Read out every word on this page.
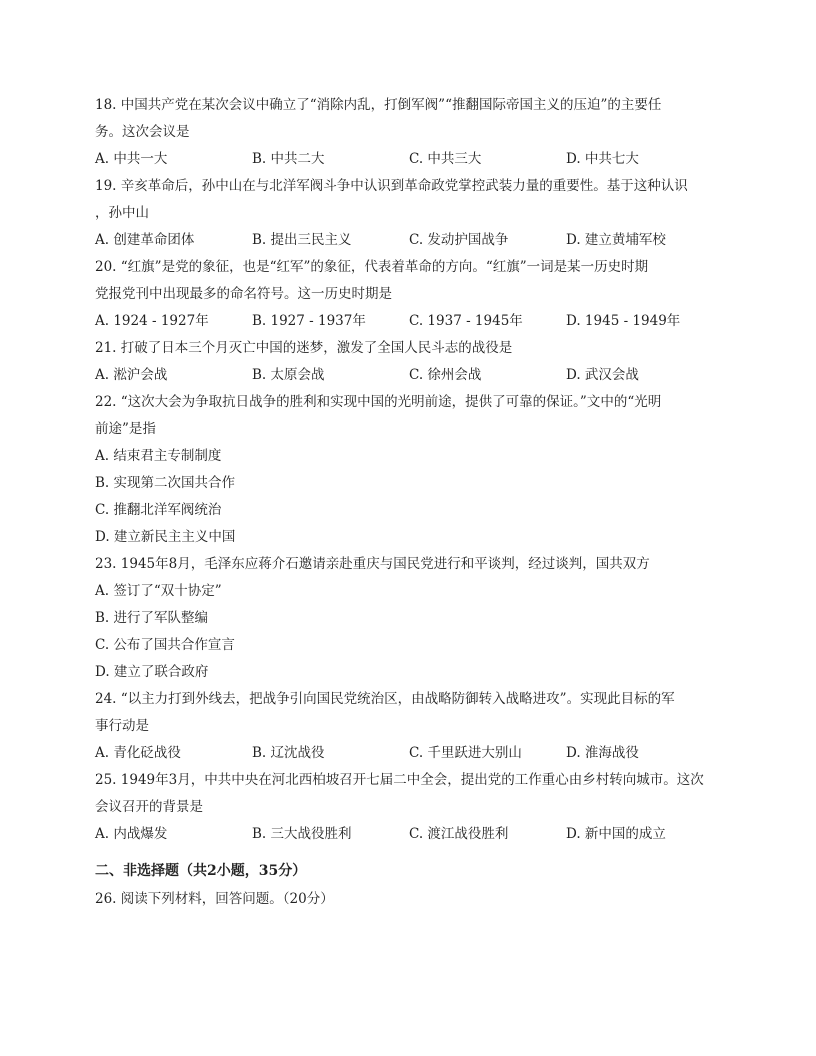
18. 中国共产党在某次会议中确立了“消除内乱，打倒军阀”“推翻国际帝国主义的压迫”的主要任
务。这次会议是
A. 中共一大	B. 中共二大	C. 中共三大	D. 中共七大
19. 辛亥革命后，孙中山在与北洋军阀斗争中认识到革命政党掌控武装力量的重要性。基于这种认识
，孙中山
A. 创建革命团体	B. 提出三民主义	C. 发动护国战争	D. 建立黄埔军校
20. “红旗”是党的象征，也是“红军”的象征，代表着革命的方向。“红旗”一词是某一历史时期
党报党刊中出现最多的命名符号。这一历史时期是
A. 1924 - 1927年	B. 1927 - 1937年	C. 1937 - 1945年	D. 1945 - 1949年
21. 打破了日本三个月灭亡中国的迷梦，激发了全国人民斗志的战役是
A. 淞沪会战	B. 太原会战	C. 徐州会战	D. 武汉会战
22. “这次大会为争取抗日战争的胜利和实现中国的光明前途，提供了可靠的保证。”文中的“光明
前途”是指
A. 结束君主专制制度
B. 实现第二次国共合作
C. 推翻北洋军阀统治
D. 建立新民主主义中国
23. 1945年8月，毛泽东应蒋介石邀请亲赴重庆与国民党进行和平谈判，经过谈判，国共双方
A. 签订了“双十协定”
B. 进行了军队整编
C. 公布了国共合作宣言
D. 建立了联合政府
24. “以主力打到外线去，把战争引向国民党统治区，由战略防御转入战略进攻”。实现此目标的军
事行动是
A. 青化砭战役	B. 辽沈战役	C. 千里跃进大别山	D. 淮海战役
25. 1949年3月，中共中央在河北西柏坡召开七届二中全会，提出党的工作重心由乡村转向城市。这次
会议召开的背景是
A. 内战爆发	B. 三大战役胜利	C. 渡江战役胜利	D. 新中国的成立
二、非选择题（共2小题，35分）
26. 阅读下列材料，回答问题。（20分）
